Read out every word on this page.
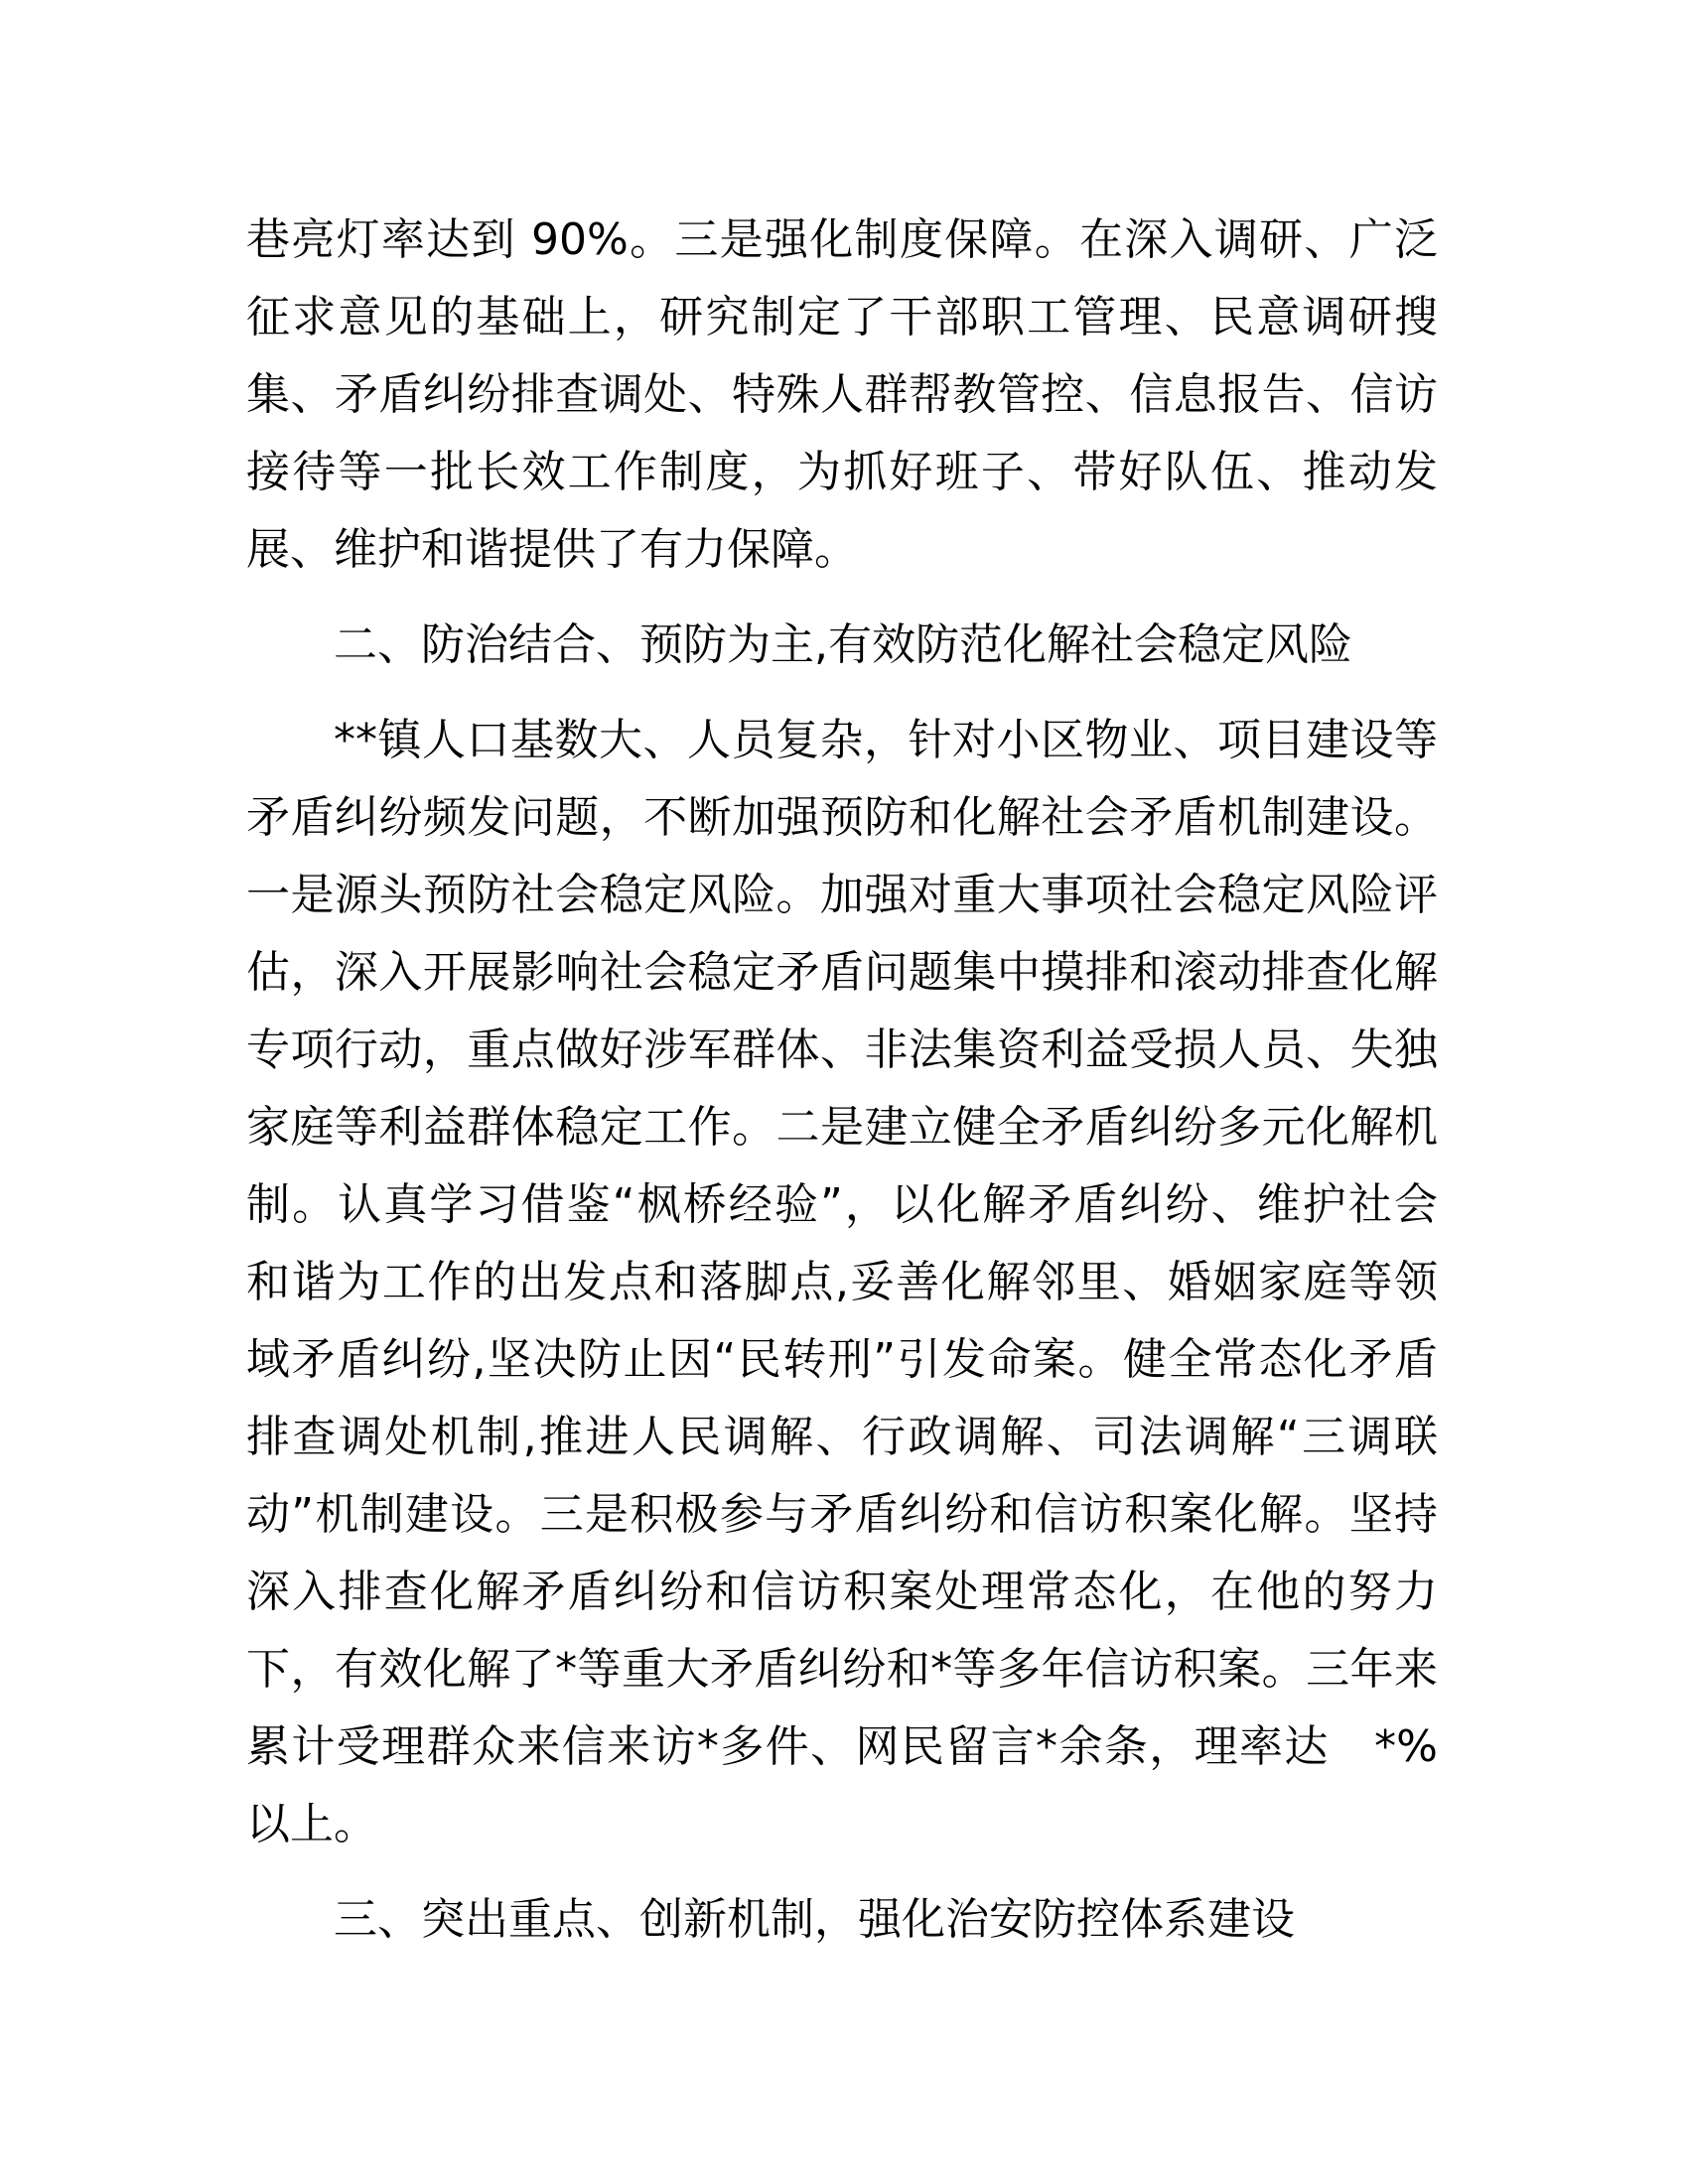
巷亮灯率达到 90%。三是强化制度保障。在深入调研、广泛

征求意见的基础上，研究制定了干部职工管理、民意调研搜

集、矛盾纠纷排查调处、特殊人群帮教管控、信息报告、信访

接待等一批长效工作制度，为抓好班子、带好队伍、推动发

展、维护和谐提供了有力保障。

二、防治结合、预防为主,有效防范化解社会稳定风险

**镇人口基数大、人员复杂，针对小区物业、项目建设等

矛盾纠纷频发问题，不断加强预防和化解社会矛盾机制建设。

一是源头预防社会稳定风险。加强对重大事项社会稳定风险评

估，深入开展影响社会稳定矛盾问题集中摸排和滚动排查化解

专项行动，重点做好涉军群体、非法集资利益受损人员、失独

家庭等利益群体稳定工作。二是建立健全矛盾纠纷多元化解机

制。认真学习借鉴“枫桥经验”，以化解矛盾纠纷、维护社会

和谐为工作的出发点和落脚点,妥善化解邻里、婚姻家庭等领

域矛盾纠纷,坚决防止因“民转刑”引发命案。健全常态化矛盾

排查调处机制,推进人民调解、行政调解、司法调解“三调联

动”机制建设。三是积极参与矛盾纠纷和信访积案化解。坚持

深入排查化解矛盾纠纷和信访积案处理常态化，在他的努力

下，有效化解了*等重大矛盾纠纷和*等多年信访积案。三年来

累计受理群众来信来访*多件、网民留言*余条，理率达　*%

以上。

三、突出重点、创新机制，强化治安防控体系建设
